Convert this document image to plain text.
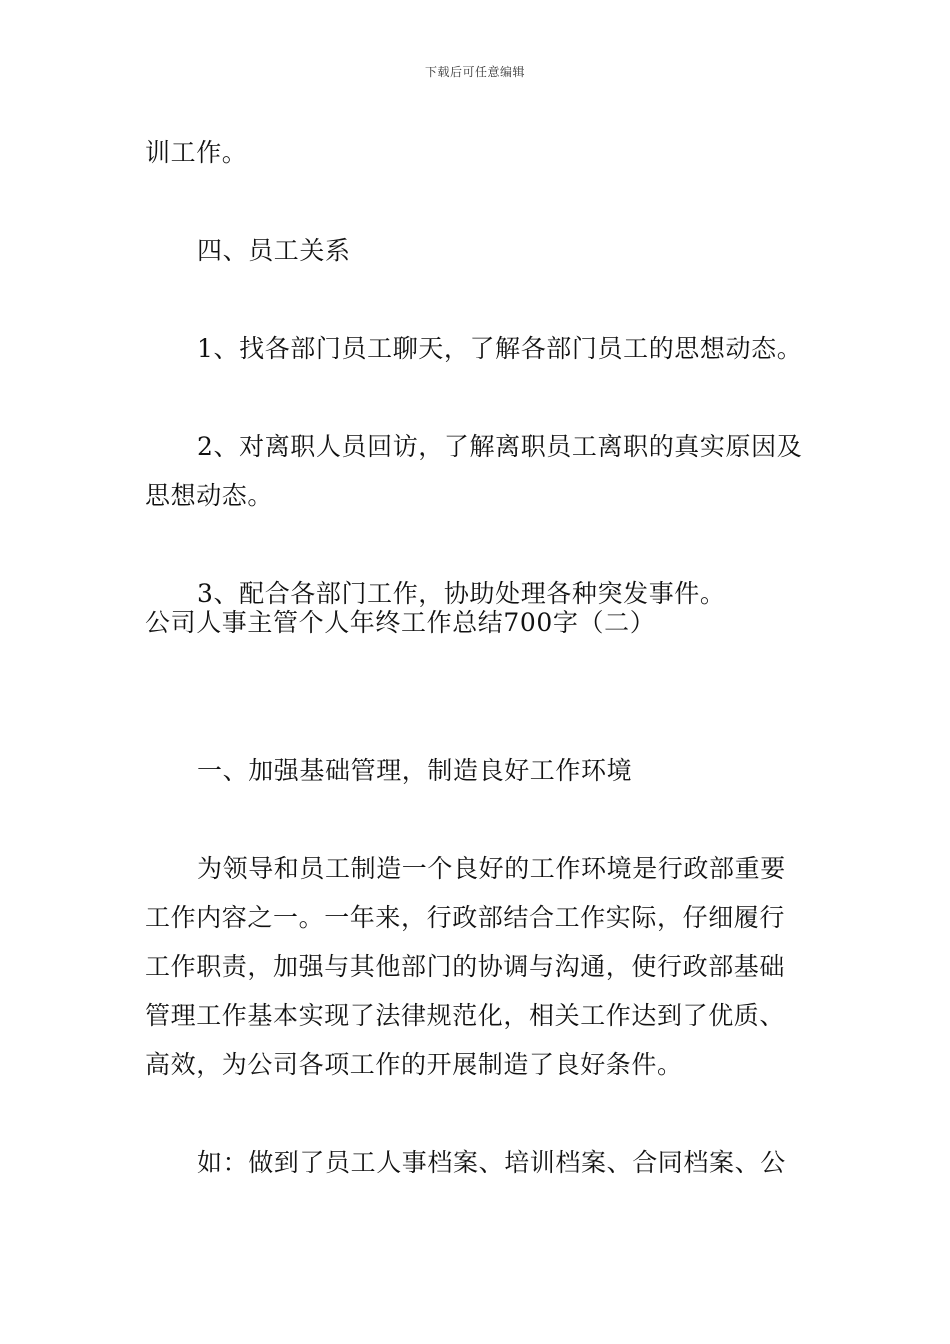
下载后可任意编辑
训工作。
四、员工关系
1、找各部门员工聊天，了解各部门员工的思想动态。
2、对离职人员回访，了解离职员工离职的真实原因及
思想动态。
3、配合各部门工作，协助处理各种突发事件。
公司人事主管个人年终工作总结700字（二）
一、加强基础管理，制造良好工作环境
为领导和员工制造一个良好的工作环境是行政部重要
工作内容之一。一年来，行政部结合工作实际，仔细履行
工作职责，加强与其他部门的协调与沟通，使行政部基础
管理工作基本实现了法律规范化，相关工作达到了优质、
高效，为公司各项工作的开展制造了良好条件。
如：做到了员工人事档案、培训档案、合同档案、公
